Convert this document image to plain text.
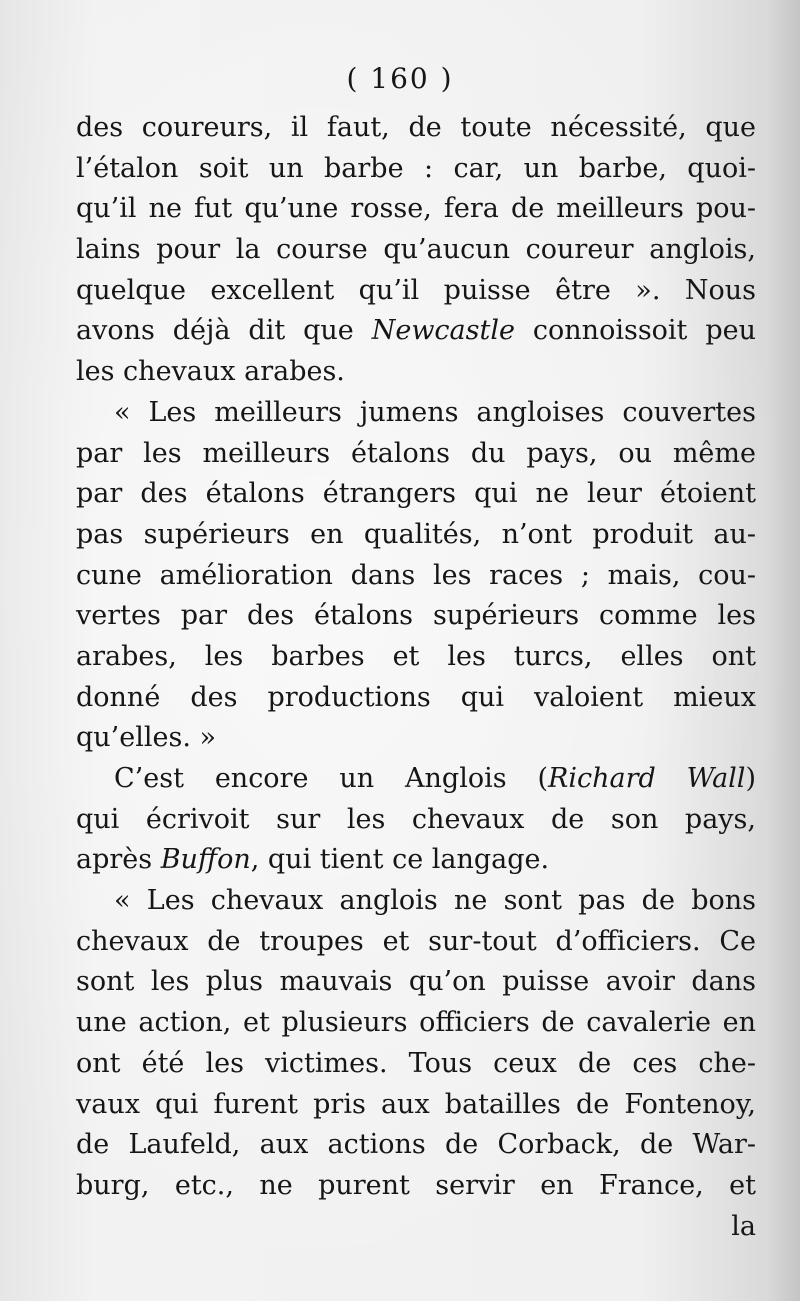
( 160 )
des coureurs, il faut, de toute nécessité, que
l’étalon soit un barbe : car, un barbe, quoi-
qu’il ne fut qu’une rosse, fera de meilleurs pou-
lains pour la course qu’aucun coureur anglois,
quelque excellent qu’il puisse être ». Nous
avons déjà dit que Newcastle connoissoit peu
les chevaux arabes.
« Les meilleurs jumens angloises couvertes
par les meilleurs étalons du pays, ou même
par des étalons étrangers qui ne leur étoient
pas supérieurs en qualités, n’ont produit au-
cune amélioration dans les races ; mais, cou-
vertes par des étalons supérieurs comme les
arabes, les barbes et les turcs, elles ont
donné des productions qui valoient mieux
qu’elles. »
C’est encore un Anglois (Richard Wall)
qui écrivoit sur les chevaux de son pays,
après Buffon, qui tient ce langage.
« Les chevaux anglois ne sont pas de bons
chevaux de troupes et sur-tout d’officiers. Ce
sont les plus mauvais qu’on puisse avoir dans
une action, et plusieurs officiers de cavalerie en
ont été les victimes. Tous ceux de ces che-
vaux qui furent pris aux batailles de Fontenoy,
de Laufeld, aux actions de Corback, de War-
burg, etc., ne purent servir en France, et
la
